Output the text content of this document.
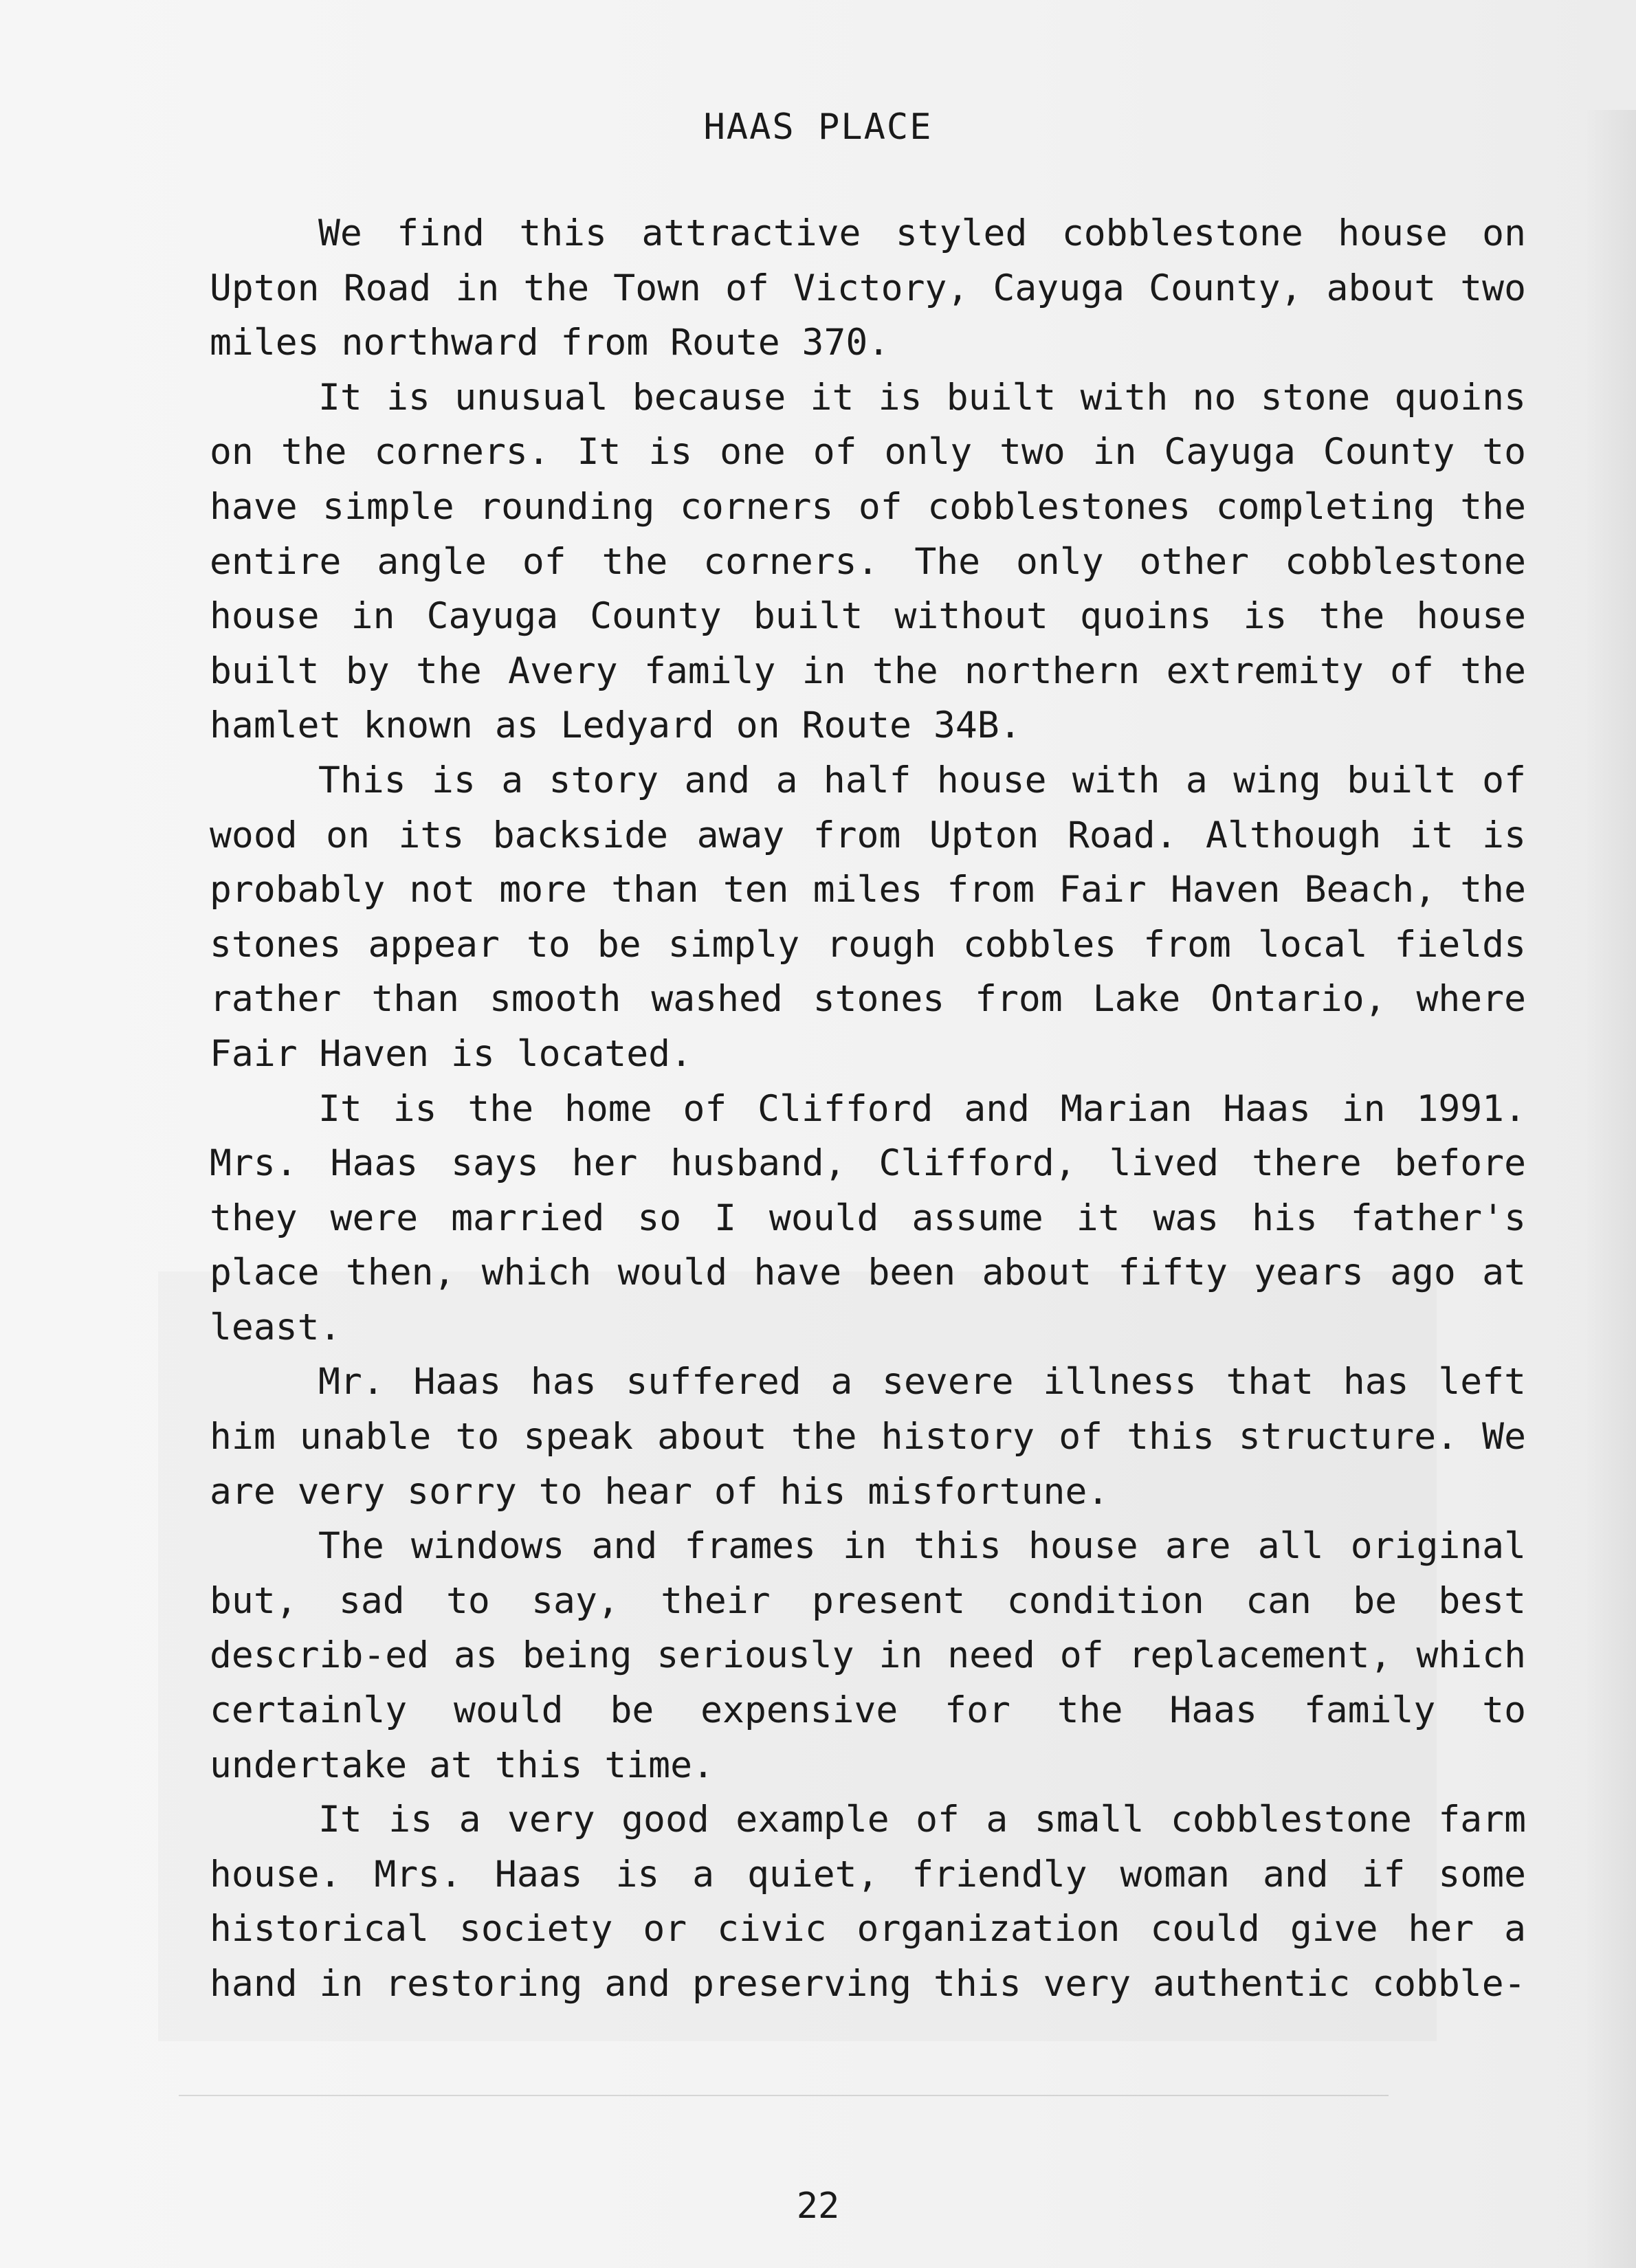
HAAS PLACE

We find this attractive styled cobblestone house on Upton Road in the Town of Victory, Cayuga County, about two miles northward from Route 370.

It is unusual because it is built with no stone quoins on the corners. It is one of only two in Cayuga County to have simple rounding corners of cobblestones completing the entire angle of the corners. The only other cobblestone house in Cayuga County built without quoins is the house built by the Avery family in the northern extremity of the hamlet known as Ledyard on Route 34B.

This is a story and a half house with a wing built of wood on its backside away from Upton Road. Although it is probably not more than ten miles from Fair Haven Beach, the stones appear to be simply rough cobbles from local fields rather than smooth washed stones from Lake Ontario, where Fair Haven is located.

It is the home of Clifford and Marian Haas in 1991. Mrs. Haas says her husband, Clifford, lived there before they were married so I would assume it was his father's place then, which would have been about fifty years ago at least.

Mr. Haas has suffered a severe illness that has left him unable to speak about the history of this structure. We are very sorry to hear of his misfortune.

The windows and frames in this house are all original but, sad to say, their present condition can be best describ-ed as being seriously in need of replacement, which certainly would be expensive for the Haas family to undertake at this time.

It is a very good example of a small cobblestone farm house. Mrs. Haas is a quiet, friendly woman and if some historical society or civic organization could give her a hand in restoring and preserving this very authentic cobble-

22
